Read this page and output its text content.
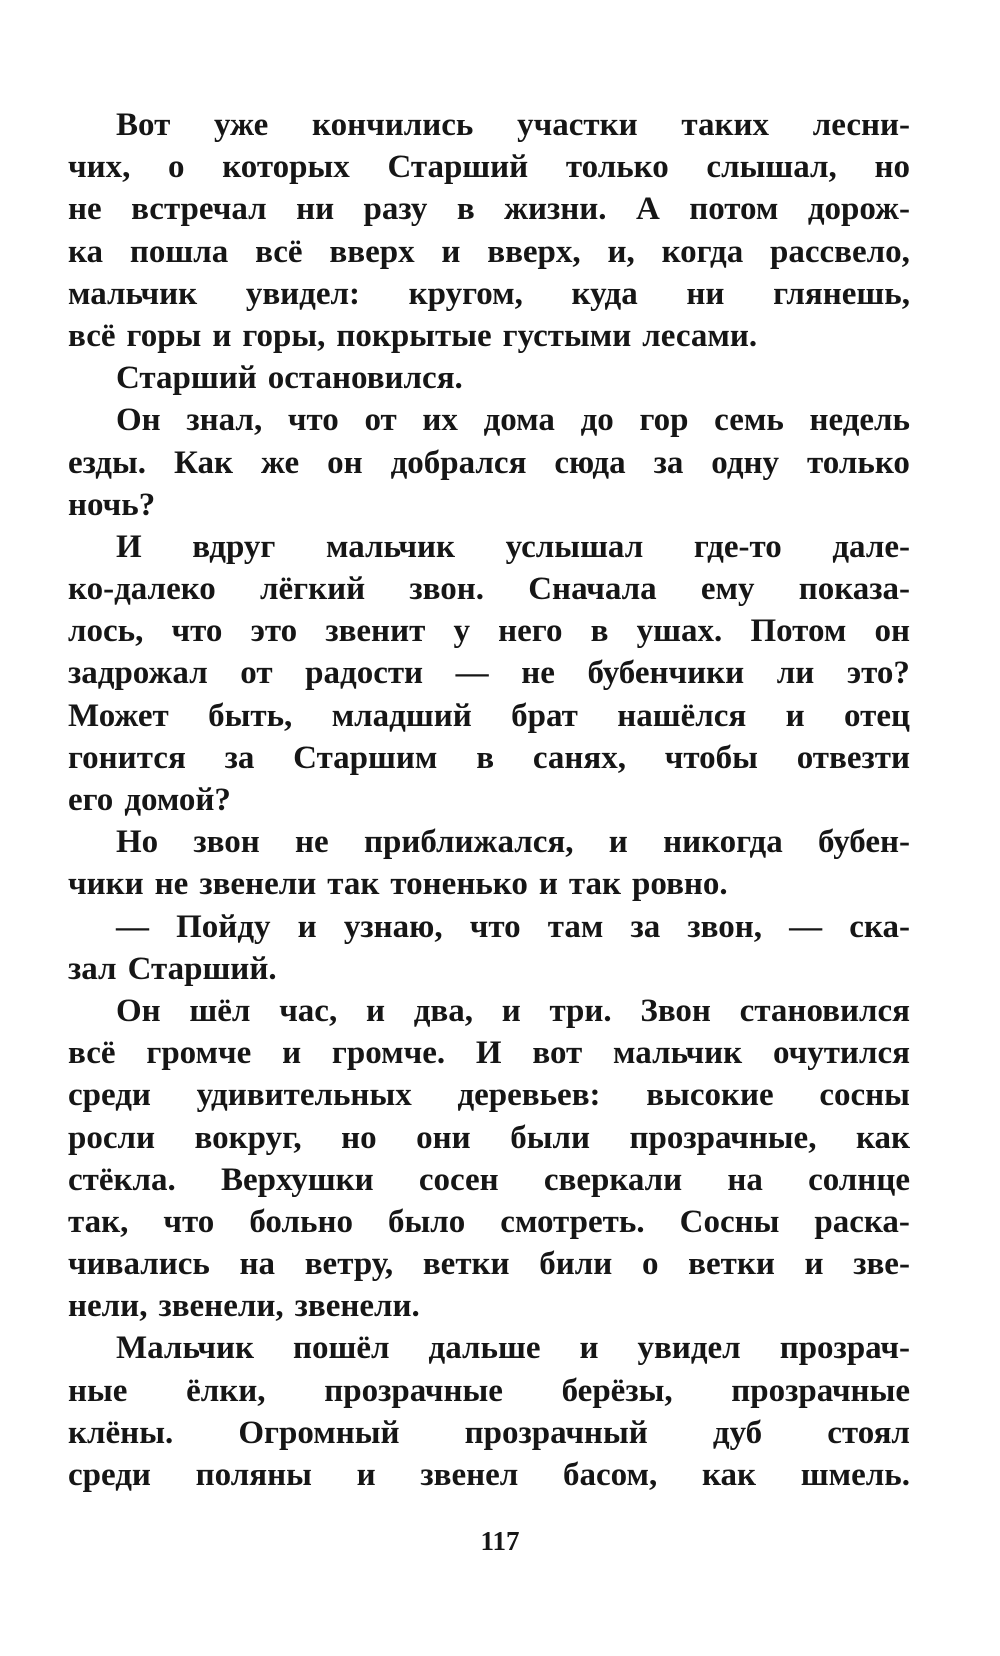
Вот уже кончились участки таких лесни-
чих, о которых Старший только слышал, но
не встречал ни разу в жизни. А потом дорож-
ка пошла всё вверх и вверх, и, когда рассвело,
мальчик увидел: кругом, куда ни глянешь,
всё горы и горы, покрытые густыми лесами.
Старший остановился.
Он знал, что от их дома до гор семь недель
езды. Как же он добрался сюда за одну только
ночь?
И вдруг мальчик услышал где-то дале-
ко-далеко лёгкий звон. Сначала ему показа-
лось, что это звенит у него в ушах. Потом он
задрожал от радости — не бубенчики ли это?
Может быть, младший брат нашёлся и отец
гонится за Старшим в санях, чтобы отвезти
его домой?
Но звон не приближался, и никогда бубен-
чики не звенели так тоненько и так ровно.
— Пойду и узнаю, что там за звон, — ска-
зал Старший.
Он шёл час, и два, и три. Звон становился
всё громче и громче. И вот мальчик очутился
среди удивительных деревьев: высокие сосны
росли вокруг, но они были прозрачные, как
стёкла. Верхушки сосен сверкали на солнце
так, что больно было смотреть. Сосны раска-
чивались на ветру, ветки били о ветки и зве-
нели, звенели, звенели.
Мальчик пошёл дальше и увидел прозрач-
ные ёлки, прозрачные берёзы, прозрачные
клёны. Огромный прозрачный дуб стоял
среди поляны и звенел басом, как шмель.
117
